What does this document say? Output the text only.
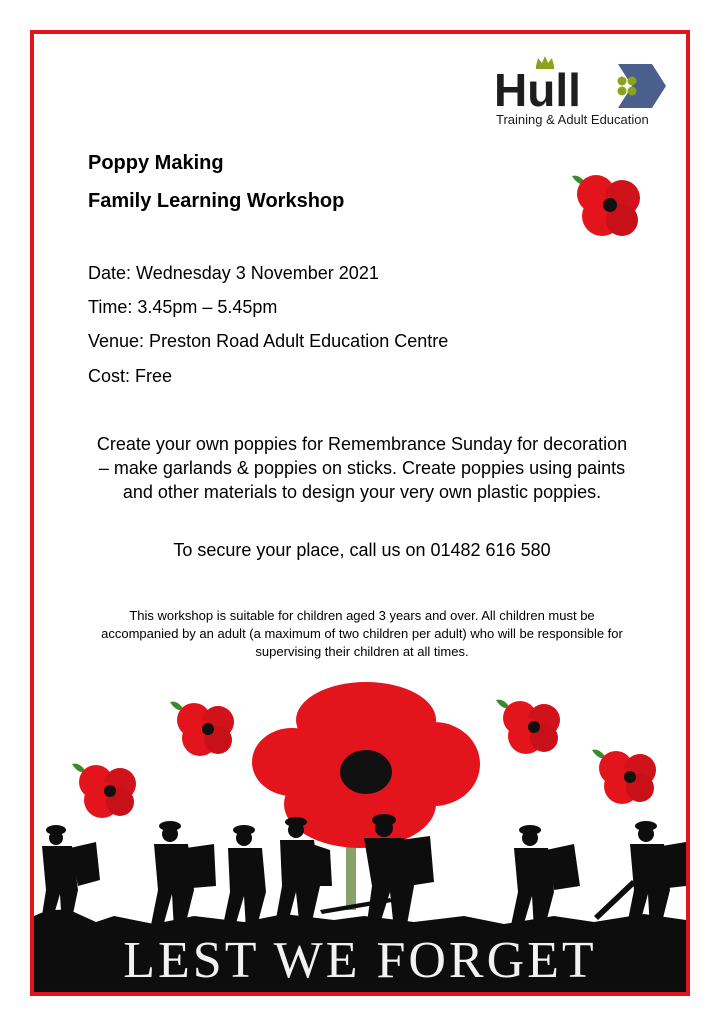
Hull
Training & Adult Education
Poppy Making
Family Learning Workshop
Date: Wednesday 3 November 2021
Time: 3.45pm – 5.45pm
Venue: Preston Road Adult Education Centre
Cost: Free
Create your own poppies for Remembrance Sunday for decoration – make garlands & poppies on sticks. Create poppies using paints and other materials to design your very own plastic poppies.
To secure your place, call us on 01482 616 580
This workshop is suitable for children aged 3 years and over. All children must be accompanied by an adult (a maximum of two children per adult) who will be responsible for supervising their children at all times.
LEST WE FORGET
